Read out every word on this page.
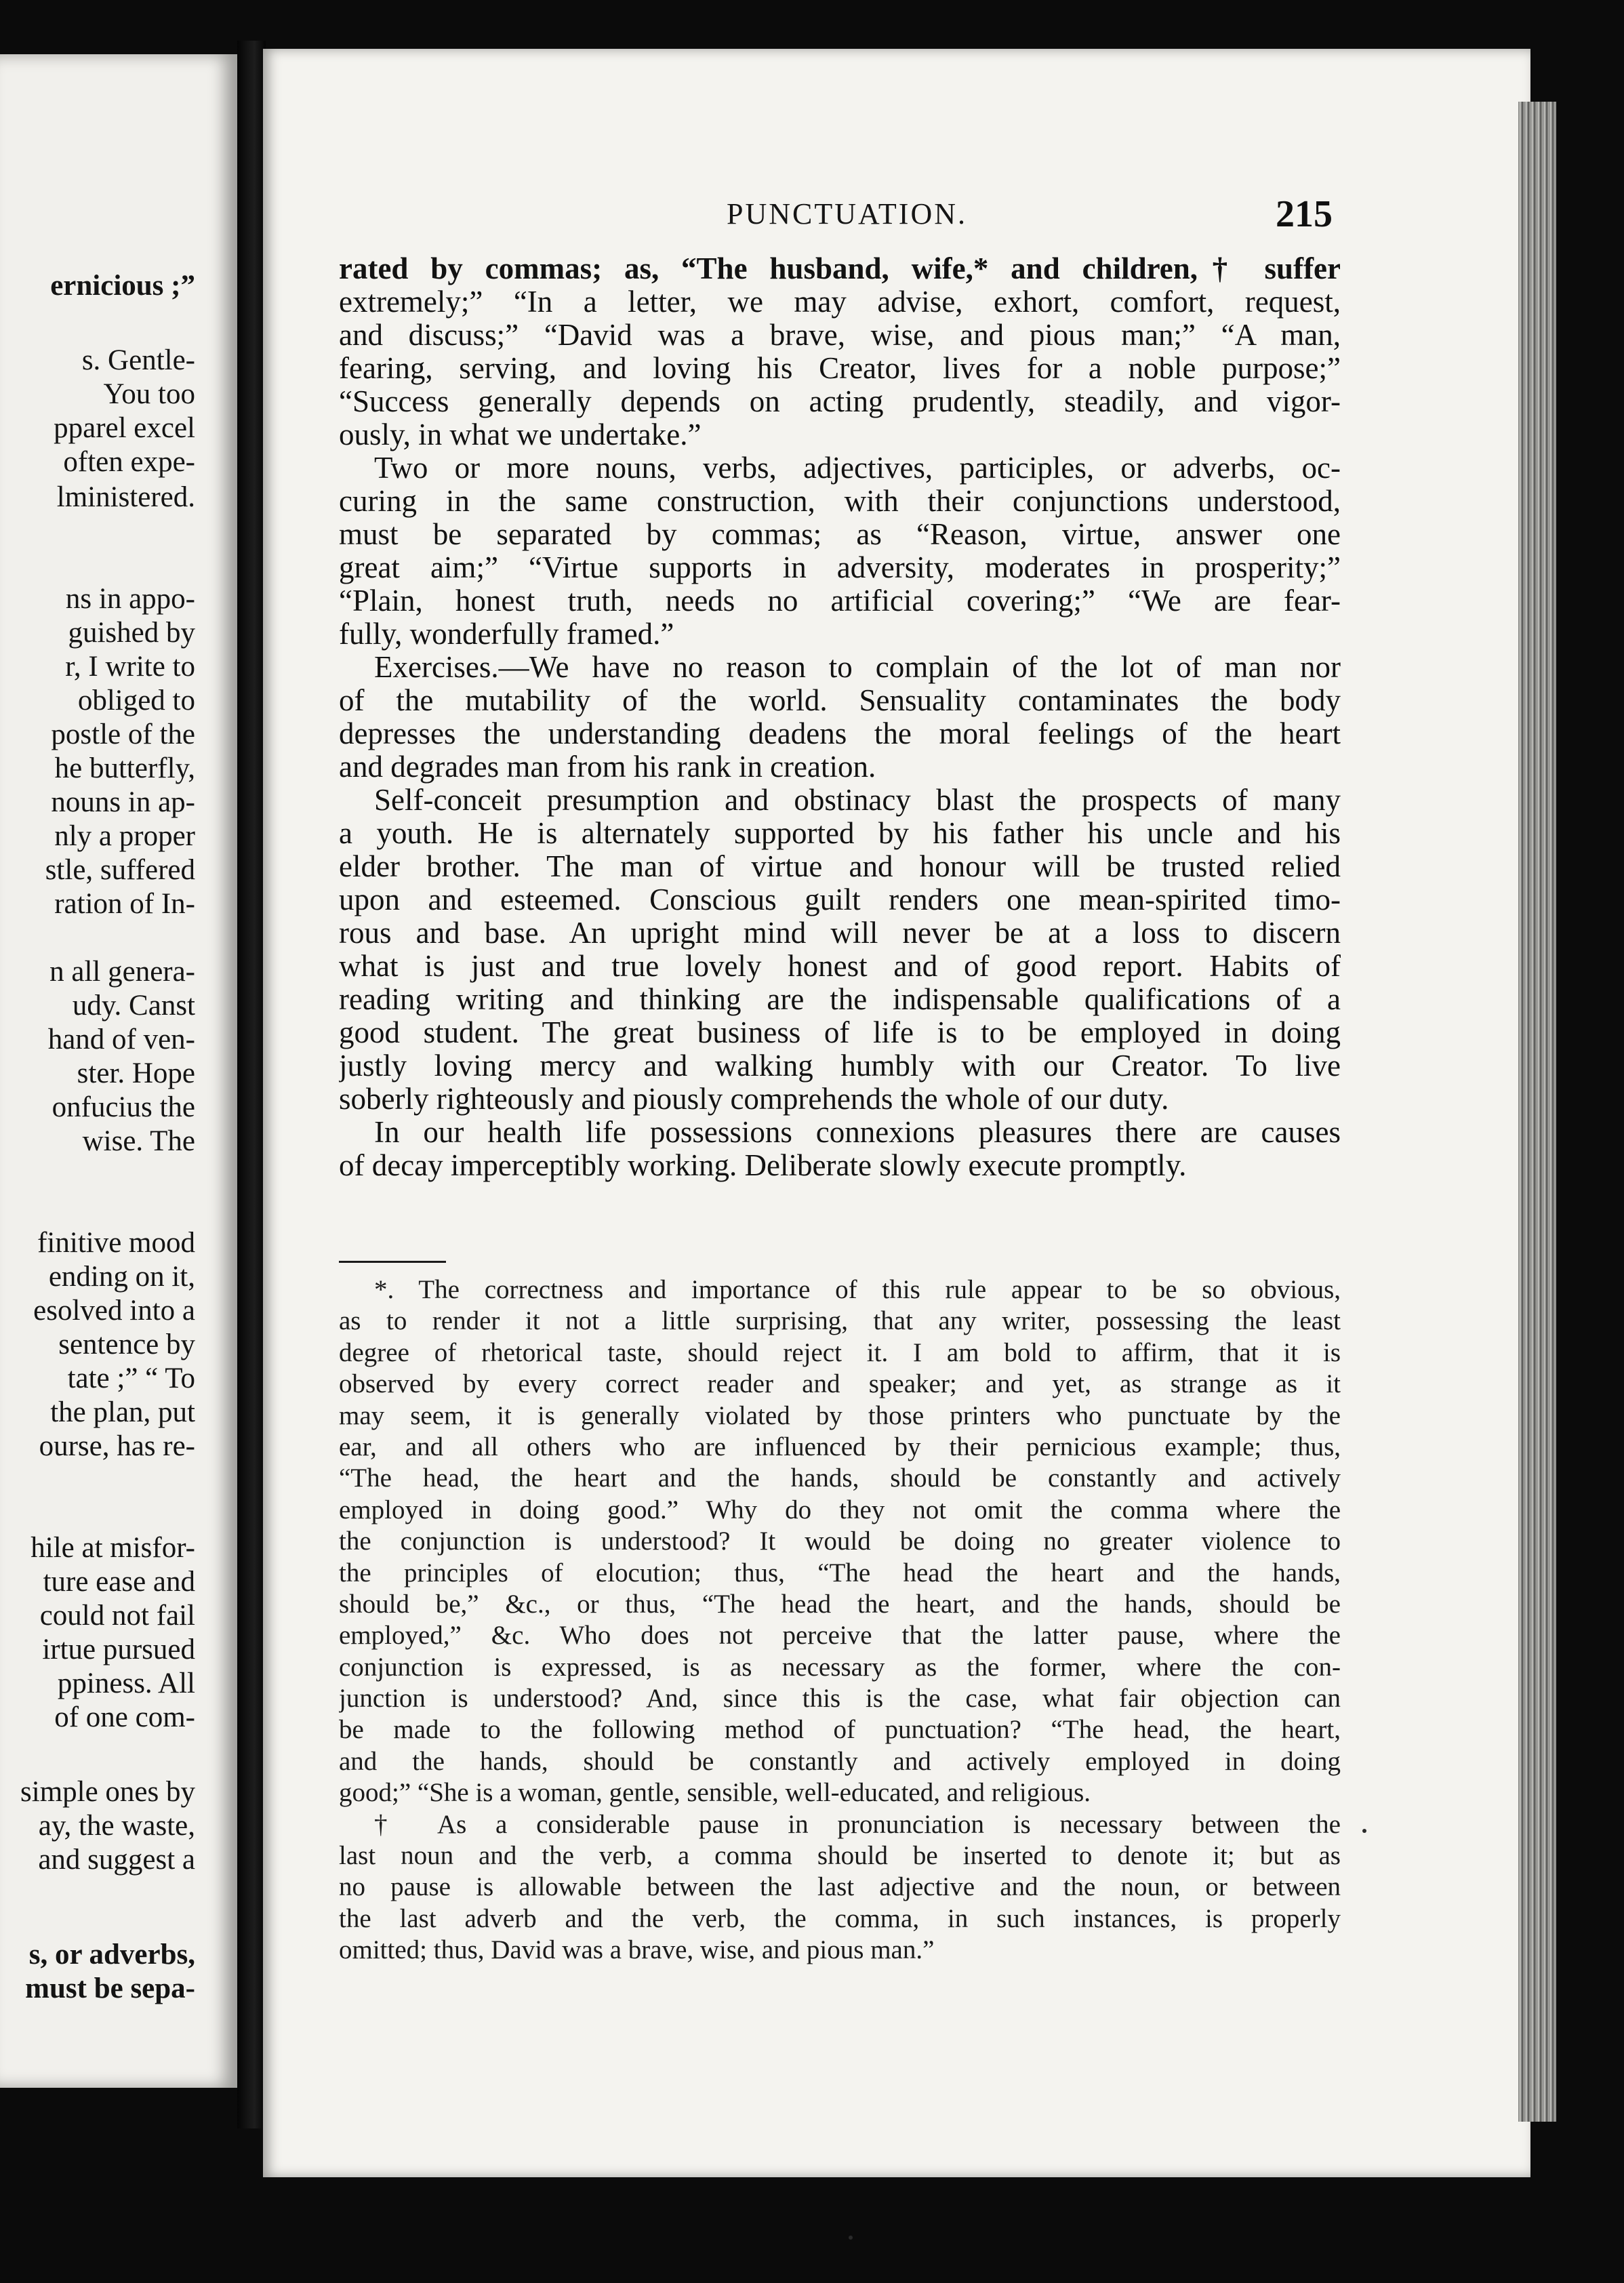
ernicious ;”
s. Gentle-
You too
pparel excel
often expe-
lministered.
ns in appo-
guished by
r, I write to
obliged to
postle of the
he butterfly,
nouns in ap-
nly a proper
stle, suffered
ration of In-
n all genera-
udy. Canst
hand of ven-
ster. Hope
onfucius the
wise. The
finitive mood
ending on it,
esolved into a
sentence by
tate ;” “ To
the plan, put
ourse, has re-
hile at misfor-
ture ease and
could not fail
irtue pursued
ppiness. All
of one com-
simple ones by
ay, the waste,
and suggest a
s, or adverbs,
must be sepa-
PUNCTUATION.	215
rated by commas; as, “The husband, wife,* and children,† suffer
extremely;” “In a letter, we may advise, exhort, comfort, request,
and discuss;” “David was a brave, wise, and pious man;” “A man,
fearing, serving, and loving his Creator, lives for a noble purpose;”
“Success generally depends on acting prudently, steadily, and vigor-
ously, in what we undertake.”
Two or more nouns, verbs, adjectives, participles, or adverbs, oc-
curing in the same construction, with their conjunctions understood,
must be separated by commas; as “Reason, virtue, answer one
great aim;” “Virtue supports in adversity, moderates in prosperity;”
“Plain, honest truth, needs no artificial covering;” “We are fear-
fully, wonderfully framed.”
Exercises.—We have no reason to complain of the lot of man nor
of the mutability of the world. Sensuality contaminates the body
depresses the understanding deadens the moral feelings of the heart
and degrades man from his rank in creation.
Self-conceit presumption and obstinacy blast the prospects of many
a youth. He is alternately supported by his father his uncle and his
elder brother. The man of virtue and honour will be trusted relied
upon and esteemed. Conscious guilt renders one mean-spirited timo-
rous and base. An upright mind will never be at a loss to discern
what is just and true lovely honest and of good report. Habits of
reading writing and thinking are the indispensable qualifications of a
good student. The great business of life is to be employed in doing
justly loving mercy and walking humbly with our Creator. To live
soberly righteously and piously comprehends the whole of our duty.
In our health life possessions connexions pleasures there are causes
of decay imperceptibly working. Deliberate slowly execute promptly.
*. The correctness and importance of this rule appear to be so obvious,
as to render it not a little surprising, that any writer, possessing the least
degree of rhetorical taste, should reject it. I am bold to affirm, that it is
observed by every correct reader and speaker; and yet, as strange as it
may seem, it is generally violated by those printers who punctuate by the
ear, and all others who are influenced by their pernicious example; thus,
“The head, the heart and the hands, should be constantly and actively
employed in doing good.” Why do they not omit the comma where the
the conjunction is understood? It would be doing no greater violence to
the principles of elocution; thus, “The head the heart and the hands,
should be,” &c., or thus, “The head the heart, and the hands, should be
employed,” &c. Who does not perceive that the latter pause, where the
conjunction is expressed, is as necessary as the former, where the con-
junction is understood? And, since this is the case, what fair objection can
be made to the following method of punctuation? “The head, the heart,
and the hands, should be constantly and actively employed in doing
good;” “She is a woman, gentle, sensible, well-educated, and religious.
† As a considerable pause in pronunciation is necessary between the
last noun and the verb, a comma should be inserted to denote it; but as
no pause is allowable between the last adjective and the noun, or between
the last adverb and the verb, the comma, in such instances, is properly
omitted; thus, David was a brave, wise, and pious man.”
